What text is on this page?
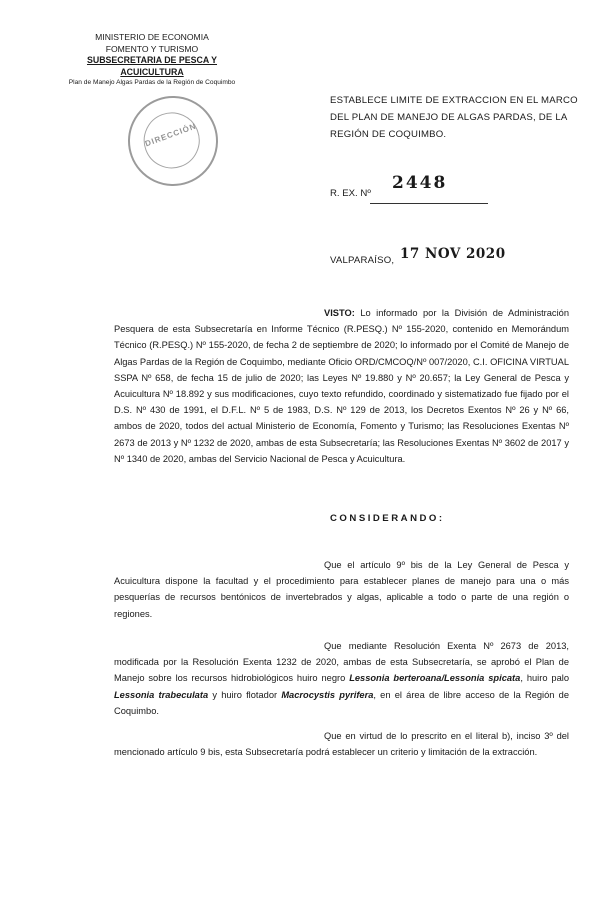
MINISTERIO DE ECONOMIA
FOMENTO Y TURISMO
SUBSECRETARIA DE PESCA Y ACUICULTURA
Plan de Manejo Algas Pardas de la Región de Coquimbo
DIRECCIÓN
ESTABLECE LIMITE DE EXTRACCION EN EL MARCO DEL PLAN DE MANEJO DE ALGAS PARDAS, DE LA REGIÓN DE COQUIMBO.
R. EX. Nº
2448
VALPARAÍSO, 17 NOV 2020
VISTO: Lo informado por la División de Administración Pesquera de esta Subsecretaría en Informe Técnico (R.PESQ.) Nº 155-2020, contenido en Memorándum Técnico (R.PESQ.) Nº 155-2020, de fecha 2 de septiembre de 2020; lo informado por el Comité de Manejo de Algas Pardas de la Región de Coquimbo, mediante Oficio ORD/CMCOQ/Nº 007/2020, C.I. OFICINA VIRTUAL SSPA Nº 658, de fecha 15 de julio de 2020; las Leyes Nº 19.880 y Nº 20.657; la Ley General de Pesca y Acuicultura Nº 18.892 y sus modificaciones, cuyo texto refundido, coordinado y sistematizado fue fijado por el D.S. Nº 430 de 1991, el D.F.L. Nº 5 de 1983, D.S. Nº 129 de 2013, los Decretos Exentos Nº 26 y Nº 66, ambos de 2020, todos del actual Ministerio de Economía, Fomento y Turismo; las Resoluciones Exentas Nº 2673 de 2013 y Nº 1232 de 2020, ambas de esta Subsecretaría; las Resoluciones Exentas Nº 3602 de 2017 y Nº 1340 de 2020, ambas del Servicio Nacional de Pesca y Acuicultura.
CONSIDERANDO:
Que el artículo 9º bis de la Ley General de Pesca y Acuicultura dispone la facultad y el procedimiento para establecer planes de manejo para una o más pesquerías de recursos bentónicos de invertebrados y algas, aplicable a todo o parte de una región o regiones.
Que mediante Resolución Exenta Nº 2673 de 2013, modificada por la Resolución Exenta 1232 de 2020, ambas de esta Subsecretaría, se aprobó el Plan de Manejo sobre los recursos hidrobiológicos huiro negro Lessonia berteroana/Lessonia spicata, huiro palo Lessonia trabeculata y huiro flotador Macrocystis pyrifera, en el área de libre acceso de la Región de Coquimbo.
Que en virtud de lo prescrito en el literal b), inciso 3º del mencionado artículo 9 bis, esta Subsecretaría podrá establecer un criterio y limitación de la extracción.
